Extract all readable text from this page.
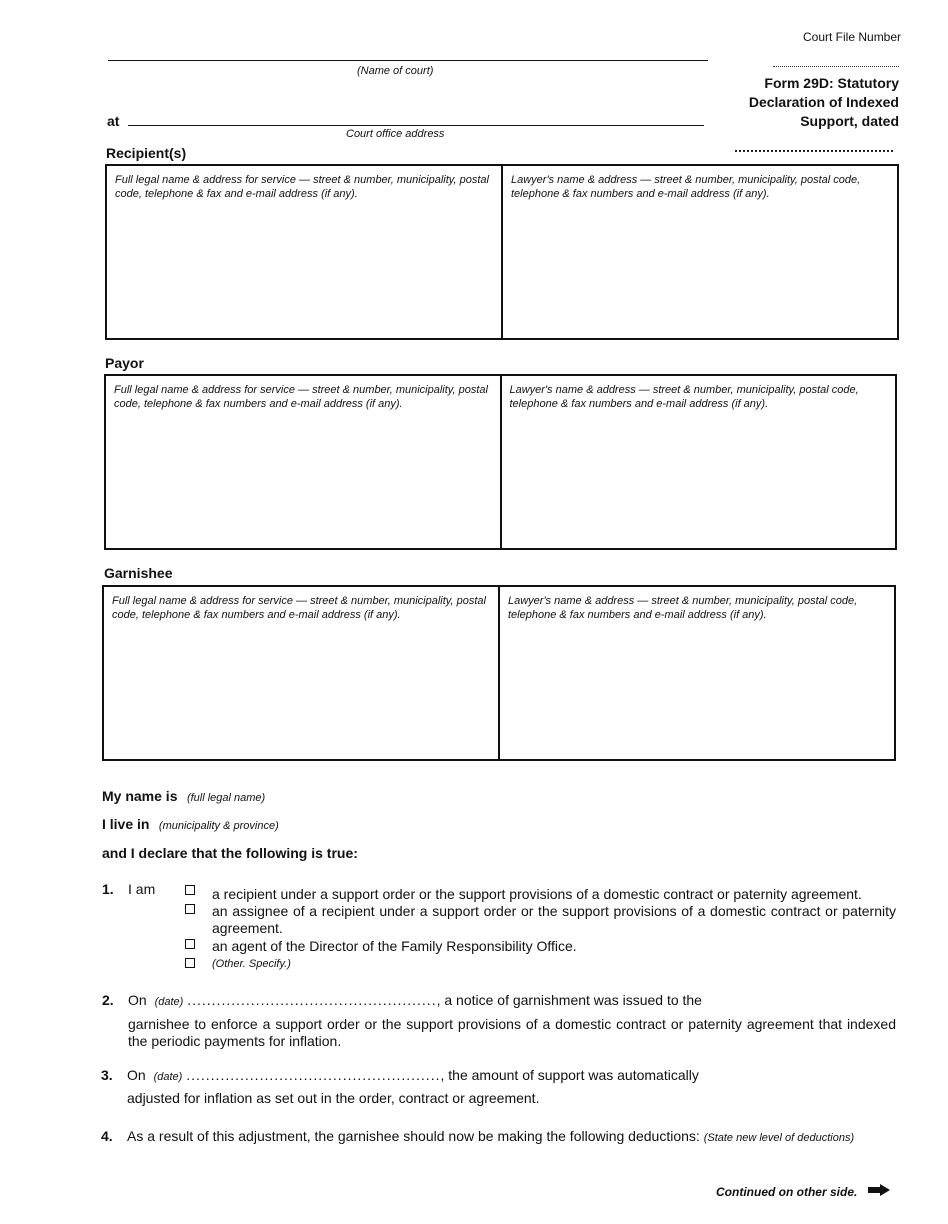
Court File Number
(Name of court)
at
Court office address
Form 29D: Statutory
Declaration of Indexed
Support, dated
Recipient(s)
Full legal name & address for service — street & number, municipality, postal code, telephone & fax and e-mail address (if any).
Lawyer's name & address — street & number, municipality, postal code, telephone & fax numbers and e-mail address (if any).
Payor
Full legal name & address for service — street & number, municipality, postal code, telephone & fax numbers and e-mail address (if any).
Lawyer's name & address — street & number, municipality, postal code, telephone & fax numbers and e-mail address (if any).
Garnishee
Full legal name & address for service — street & number, municipality, postal code, telephone & fax numbers and e-mail address (if any).
Lawyer's name & address — street & number, municipality, postal code, telephone & fax numbers and e-mail address (if any).
My name is (full legal name)
I live in (municipality & province)
and I declare that the following is true:
1. I am	a recipient under a support order or the support provisions of a domestic contract or paternity agreement.
an assignee of a recipient under a support order or the support provisions of a domestic contract or paternity agreement.
an agent of the Director of the Family Responsibility Office.
(Other. Specify.)
2. On (date) ..................................................., a notice of garnishment was issued to the
garnishee to enforce a support order or the support provisions of a domestic contract or paternity agreement that indexed the periodic payments for inflation.
3. On (date) ...................................................., the amount of support was automatically
adjusted for inflation as set out in the order, contract or agreement.
4. As a result of this adjustment, the garnishee should now be making the following deductions: (State new level of deductions)
Continued on other side.
